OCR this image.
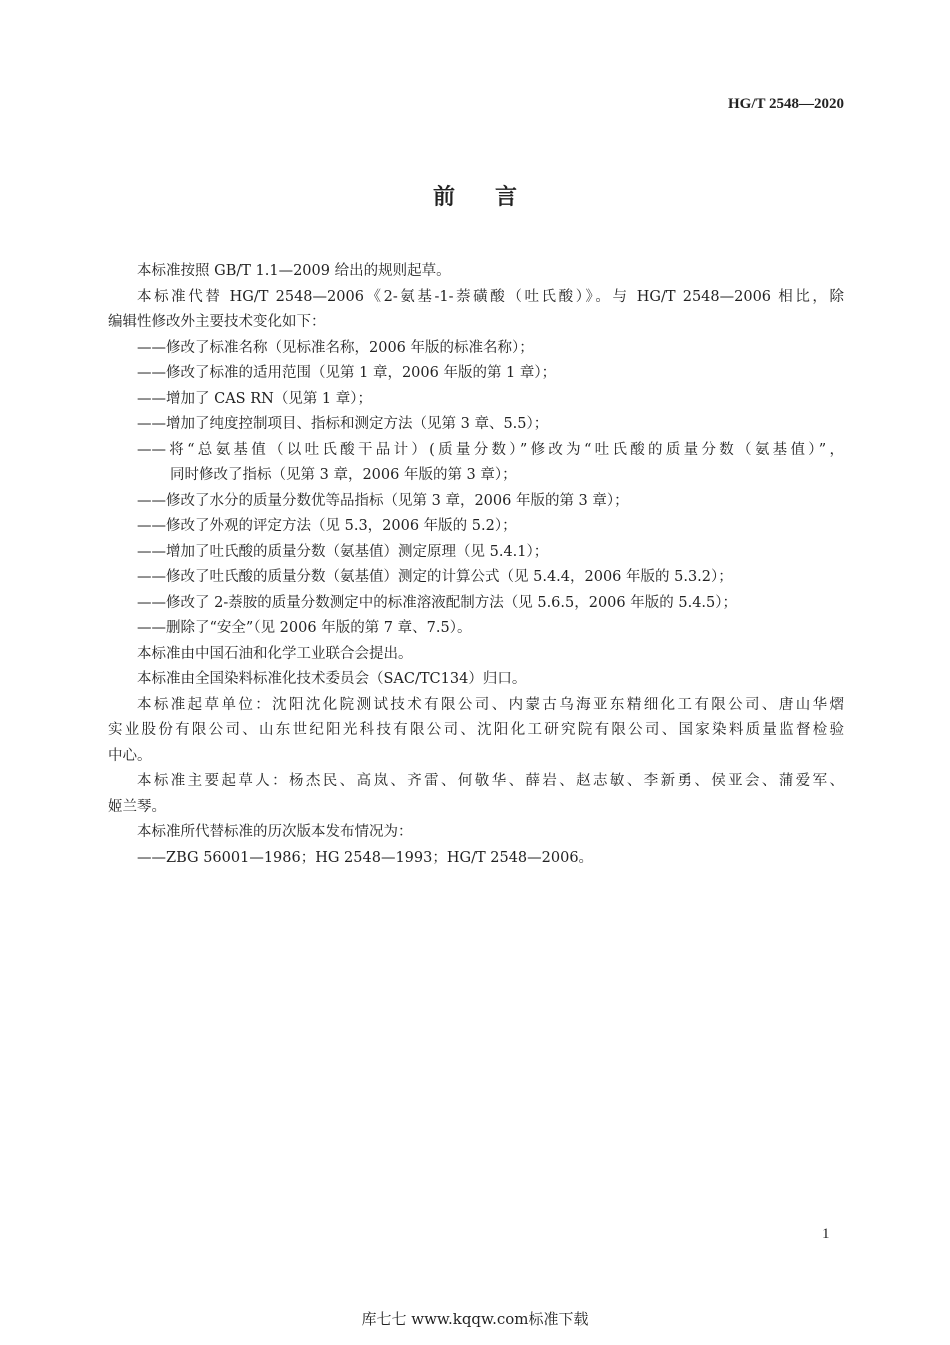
HG/T 2548—2020
前言
本标准按照 GB/T 1.1—2009 给出的规则起草。
本标准代替 HG/T 2548—2006《2-氨基-1-萘磺酸（吐氏酸）》。与 HG/T 2548—2006 相比，除
编辑性修改外主要技术变化如下：
——修改了标准名称（见标准名称，2006 年版的标准名称）；
——修改了标准的适用范围（见第 1 章，2006 年版的第 1 章）；
——增加了 CAS RN（见第 1 章）；
——增加了纯度控制项目、指标和测定方法（见第 3 章、5.5）；
——将“总氨基值（以吐氏酸干品计）(质量分数）”修改为“吐氏酸的质量分数（氨基值）”，
同时修改了指标（见第 3 章，2006 年版的第 3 章）；
——修改了水分的质量分数优等品指标（见第 3 章，2006 年版的第 3 章）；
——修改了外观的评定方法（见 5.3，2006 年版的 5.2）；
——增加了吐氏酸的质量分数（氨基值）测定原理（见 5.4.1）；
——修改了吐氏酸的质量分数（氨基值）测定的计算公式（见 5.4.4，2006 年版的 5.3.2）；
——修改了 2-萘胺的质量分数测定中的标准溶液配制方法（见 5.6.5，2006 年版的 5.4.5）；
——删除了“安全”（见 2006 年版的第 7 章、7.5）。
本标准由中国石油和化学工业联合会提出。
本标准由全国染料标准化技术委员会（SAC/TC134）归口。
本标准起草单位：沈阳沈化院测试技术有限公司、内蒙古乌海亚东精细化工有限公司、唐山华熠
实业股份有限公司、山东世纪阳光科技有限公司、沈阳化工研究院有限公司、国家染料质量监督检验
中心。
本标准主要起草人：杨杰民、高岚、齐雷、何敬华、薛岩、赵志敏、李新勇、侯亚会、蒲爱军、
姬兰琴。
本标准所代替标准的历次版本发布情况为：
——ZBG 56001—1986；HG 2548—1993；HG/T 2548—2006。
1
库七七 www.kqqw.com标准下载
